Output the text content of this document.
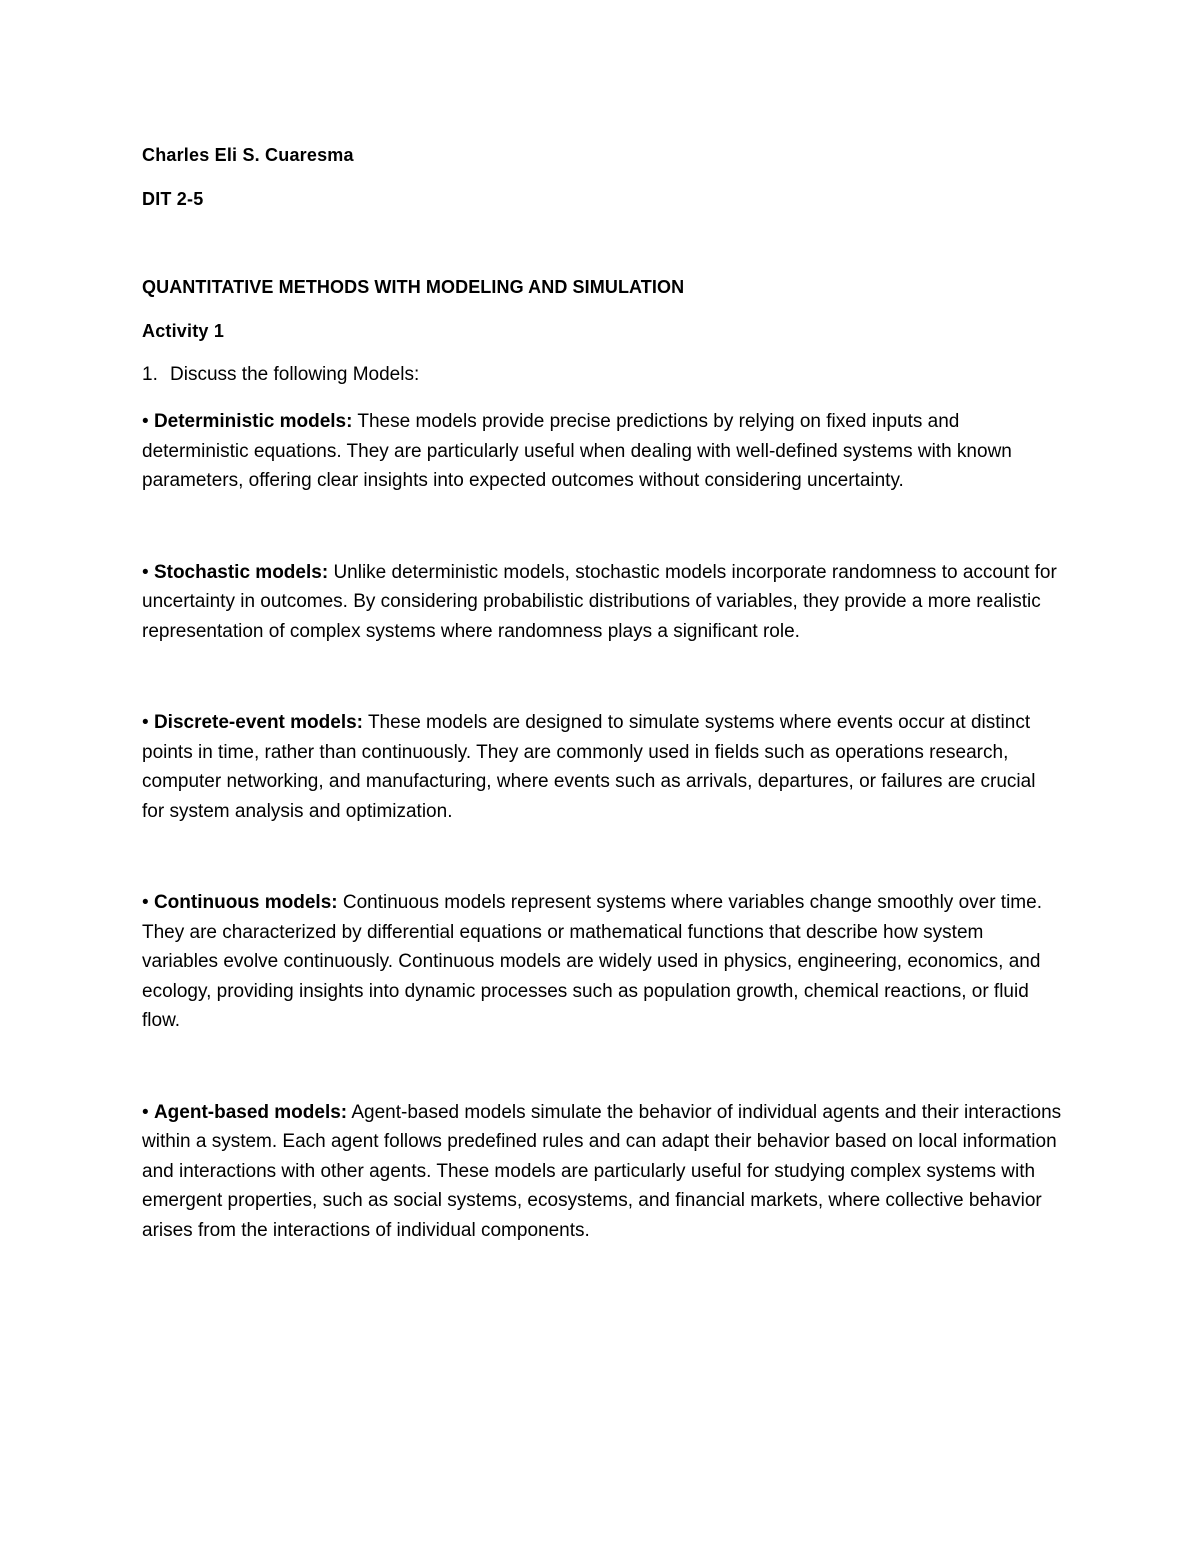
Charles Eli S. Cuaresma

DIT 2-5

QUANTITATIVE METHODS WITH MODELING AND SIMULATION

Activity 1

1. Discuss the following Models:

• Deterministic models: These models provide precise predictions by relying on fixed inputs and deterministic equations. They are particularly useful when dealing with well-defined systems with known parameters, offering clear insights into expected outcomes without considering uncertainty.

• Stochastic models: Unlike deterministic models, stochastic models incorporate randomness to account for uncertainty in outcomes. By considering probabilistic distributions of variables, they provide a more realistic representation of complex systems where randomness plays a significant role.

• Discrete-event models: These models are designed to simulate systems where events occur at distinct points in time, rather than continuously. They are commonly used in fields such as operations research, computer networking, and manufacturing, where events such as arrivals, departures, or failures are crucial for system analysis and optimization.

• Continuous models: Continuous models represent systems where variables change smoothly over time. They are characterized by differential equations or mathematical functions that describe how system variables evolve continuously. Continuous models are widely used in physics, engineering, economics, and ecology, providing insights into dynamic processes such as population growth, chemical reactions, or fluid flow.

• Agent-based models: Agent-based models simulate the behavior of individual agents and their interactions within a system. Each agent follows predefined rules and can adapt their behavior based on local information and interactions with other agents. These models are particularly useful for studying complex systems with emergent properties, such as social systems, ecosystems, and financial markets, where collective behavior arises from the interactions of individual components.
